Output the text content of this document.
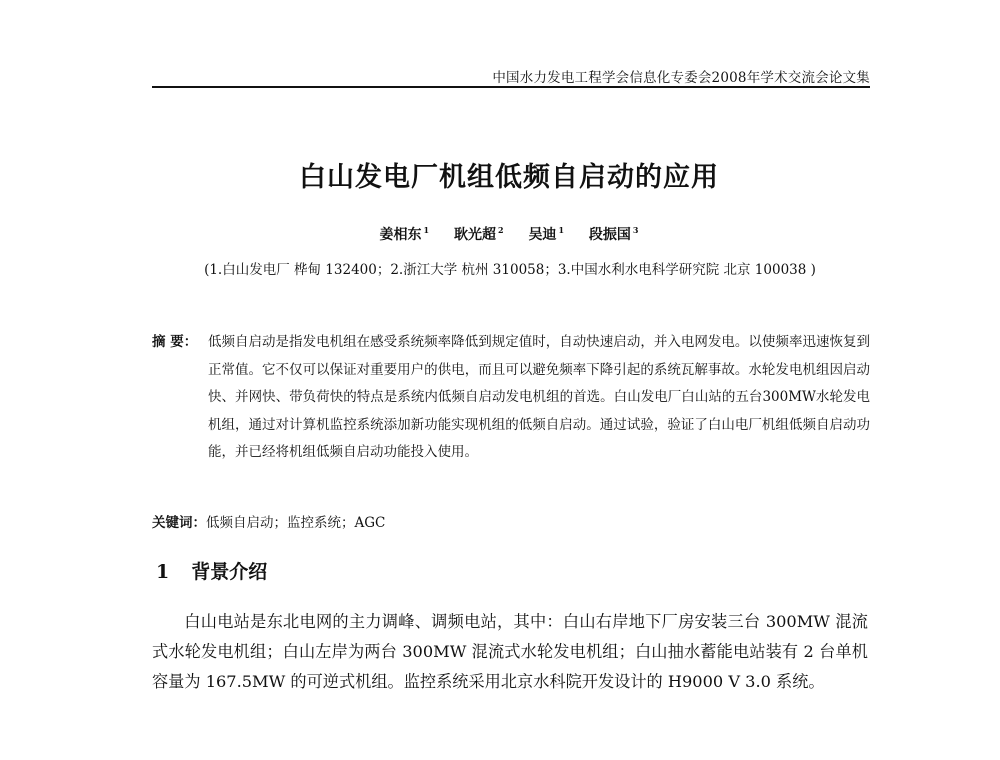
中国水力发电工程学会信息化专委会2008年学术交流会论文集
白山发电厂机组低频自启动的应用
姜相东 $^1$ 耿光超 $^2$ 吴迪 $^1$ 段振国 $^3$
(1.白山发电厂 桦甸 132400；2.浙江大学 杭州 310058；3.中国水利水电科学研究院 北京 100038 )
摘 要： 低频自启动是指发电机组在感受系统频率降低到规定值时，自动快速启动，并入电网发电。以使频率迅速恢复到正常值。它不仅可以保证对重要用户的供电，而且可以避免频率下降引起的系统瓦解事故。水轮发电机组因启动快、并网快、带负荷快的特点是系统内低频自启动发电机组的首选。白山发电厂白山站的五台300MW水轮发电机组，通过对计算机监控系统添加新功能实现机组的低频自启动。通过试验，验证了白山电厂机组低频自启动功能，并已经将机组低频自启动功能投入使用。
关键词：低频自启动；监控系统；AGC
1 背景介绍
白山电站是东北电网的主力调峰、调频电站，其中：白山右岸地下厂房安装三台 300MW 混流式水轮发电机组；白山左岸为两台 300MW 混流式水轮发电机组；白山抽水蓄能电站装有 2 台单机容量为 167.5MW 的可逆式机组。监控系统采用北京水科院开发设计的 H9000 V 3.0 系统。
